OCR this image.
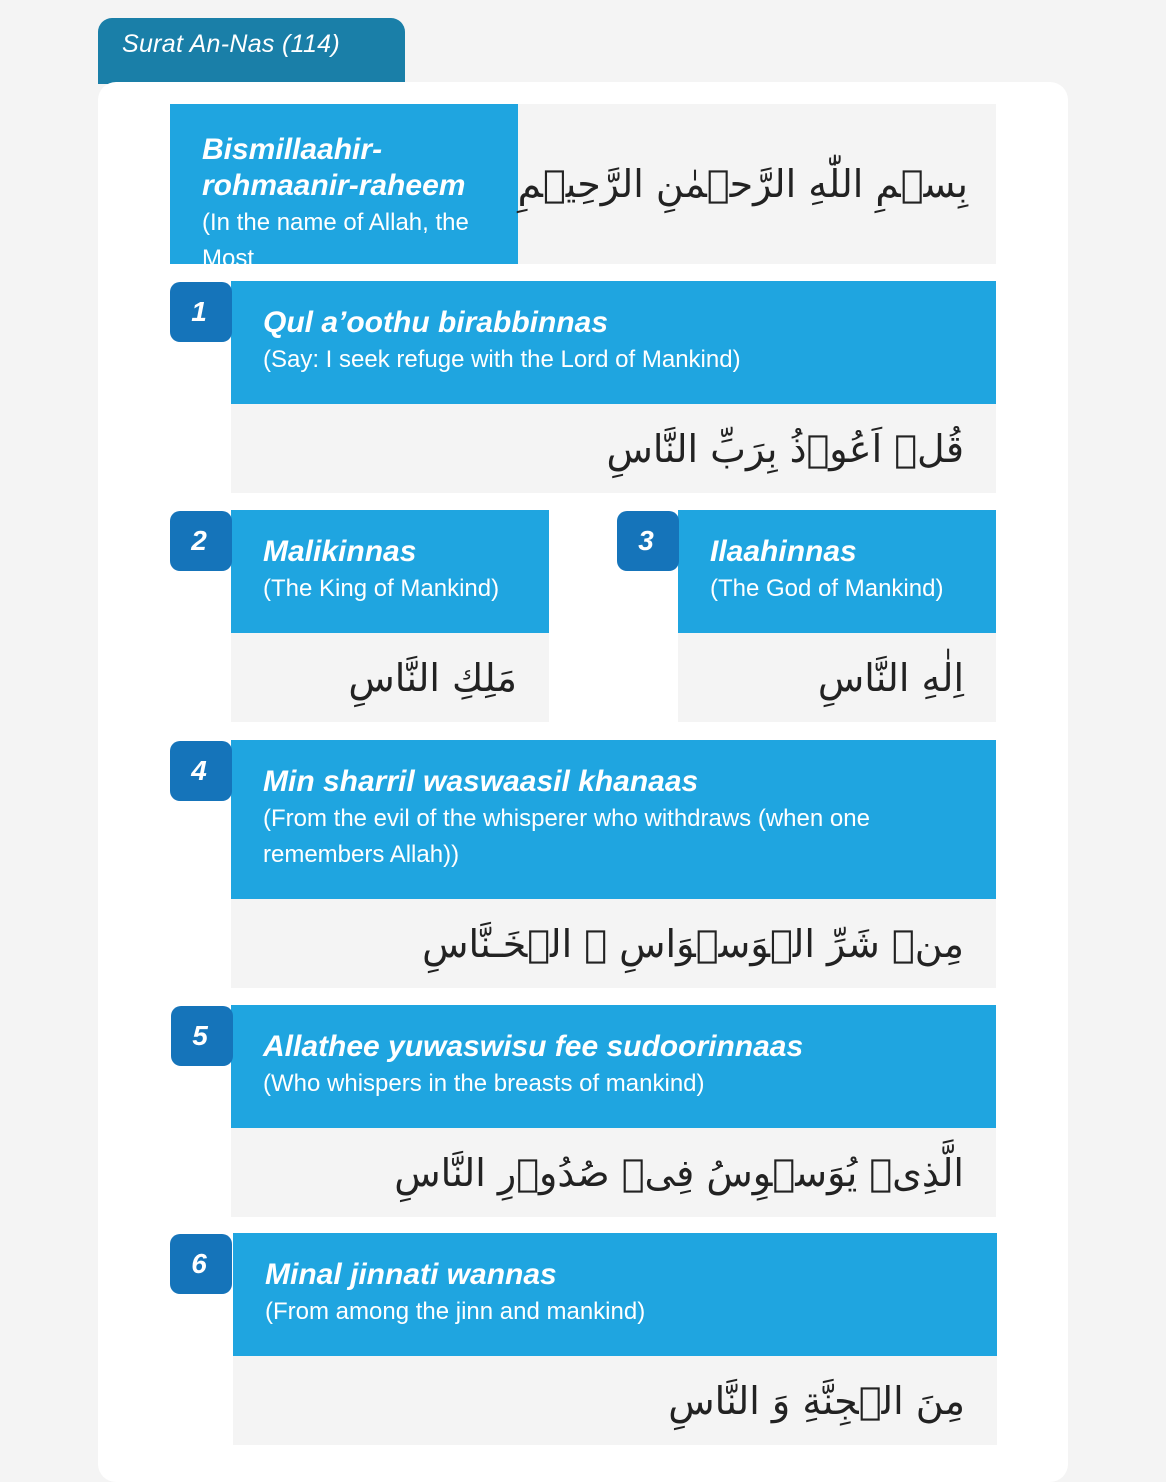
Surat An-Nas (114)
Bismillaahir-rohmaanir-raheem
(In the name of Allah, the Most
بِسۡمِ اللّٰهِ الرَّحۡمٰنِ الرَّحِيۡمِ
Qul a’oothu birabbinnas
(Say: I seek refuge with the Lord of Mankind)
قُلۡ اَعُوۡذُ بِرَبِّ النَّاسِ
1
Malikinnas
(The King of Mankind)
مَلِكِ النَّاسِ
2	Ilaahinnas
(The God of Mankind)
اِلٰهِ النَّاسِ
3
Min sharril waswaasil khanaas
(From the evil of the whisperer who withdraws (when one
remembers Allah))
مِنۡ شَرِّ الۡوَسۡوَاسِ ۙ الۡخَـنَّاسِ
4
Allathee yuwaswisu fee sudoorinnaas
(Who whispers in the breasts of mankind)
الَّذِىۡ يُوَسۡوِسُ فِىۡ صُدُوۡرِ النَّاسِ
5
Minal jinnati wannas
(From among the jinn and mankind)
مِنَ الۡجِنَّةِ وَ النَّاسِ
6
